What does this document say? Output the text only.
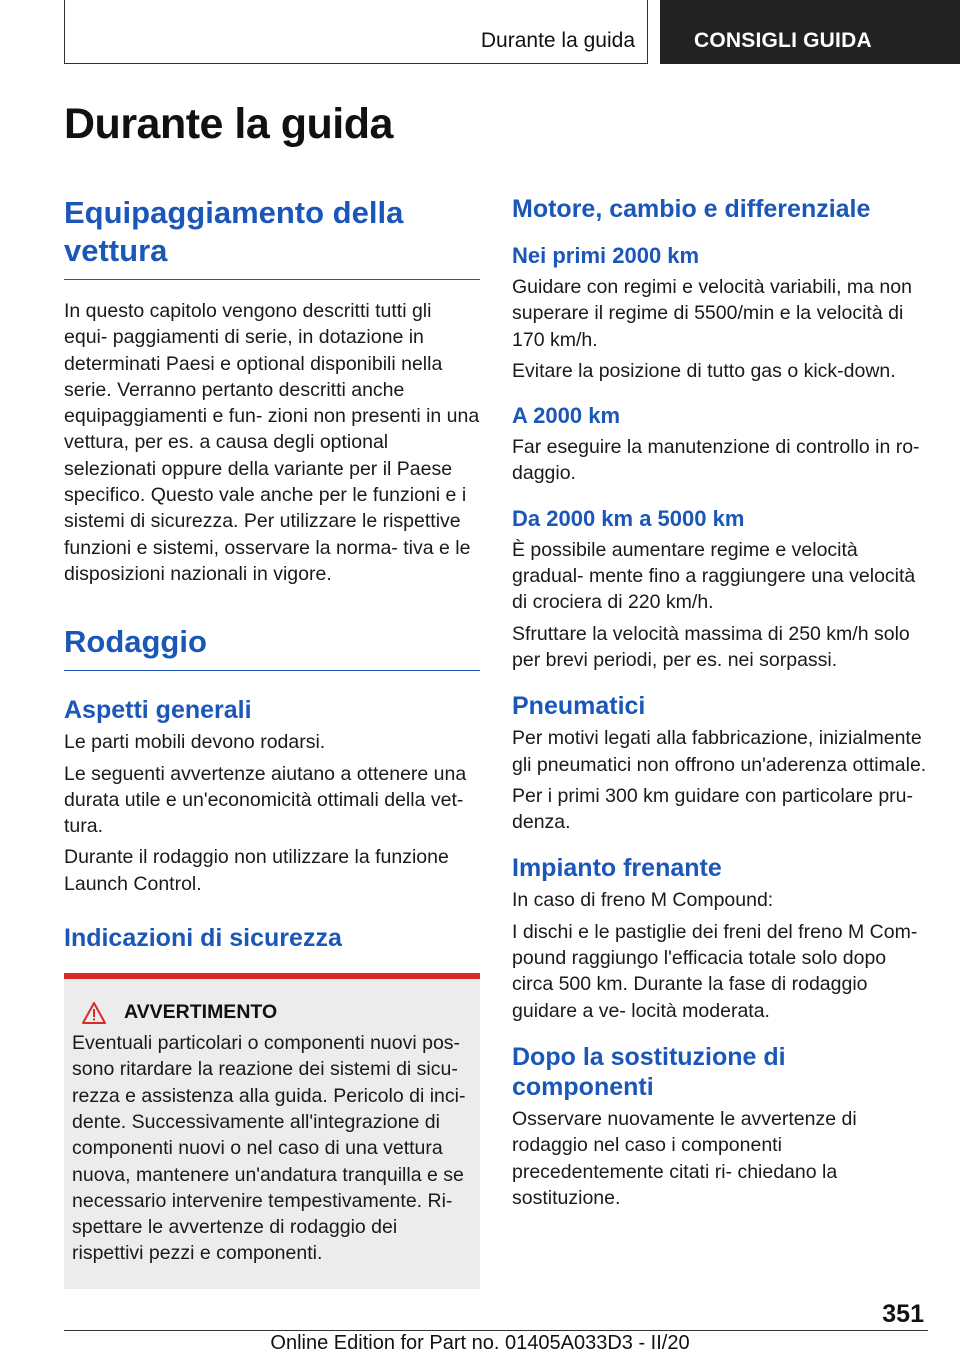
Durante la guida	CONSIGLI GUIDA
Durante la guida
Equipaggiamento della vettura

In questo capitolo vengono descritti tutti gli equi‐ paggiamenti di serie, in dotazione in determinati Paesi e optional disponibili nella serie. Verranno pertanto descritti anche equipaggiamenti e fun‐ zioni non presenti in una vettura, per es. a causa degli optional selezionati oppure della variante per il Paese specifico. Questo vale anche per le funzioni e i sistemi di sicurezza. Per utilizzare le rispettive funzioni e sistemi, osservare la norma‐ tiva e le disposizioni nazionali in vigore.

Rodaggio
Aspetti generali

Le parti mobili devono rodarsi.

Le seguenti avvertenze aiutano a ottenere una durata utile e un'economicità ottimali della vet‐ tura.

Durante il rodaggio non utilizzare la funzione Launch Control.

Indicazioni di sicurezza
AVVERTIMENTO

Eventuali particolari o componenti nuovi pos‐ sono ritardare la reazione dei sistemi di sicu‐ rezza e assistenza alla guida. Pericolo di inci‐ dente. Successivamente all'integrazione di componenti nuovi o nel caso di una vettura nuova, mantenere un'andatura tranquilla e se necessario intervenire tempestivamente. Ri‐ spettare le avvertenze di rodaggio dei rispettivi pezzi e componenti.

Motore, cambio e differenziale
Nei primi 2000 km

Guidare con regimi e velocità variabili, ma non superare il regime di 5500/min e la velocità di 170 km/h.

Evitare la posizione di tutto gas o kick-down.

A 2000 km

Far eseguire la manutenzione di controllo in ro‐ daggio.

Da 2000 km a 5000 km

È possibile aumentare regime e velocità gradual‐ mente fino a raggiungere una velocità di crociera di 220 km/h.

Sfruttare la velocità massima di 250 km/h solo per brevi periodi, per es. nei sorpassi.

Pneumatici

Per motivi legati alla fabbricazione, inizialmente gli pneumatici non offrono un'aderenza ottimale.

Per i primi 300 km guidare con particolare pru‐ denza.

Impianto frenante

In caso di freno M Compound:

I dischi e le pastiglie dei freni del freno M Com‐ pound raggiungo l'efficacia totale solo dopo circa 500 km. Durante la fase di rodaggio guidare a ve‐ locità moderata.

Dopo la sostituzione di componenti

Osservare nuovamente le avvertenze di rodaggio nel caso i componenti precedentemente citati ri‐ chiedano la sostituzione.

351
Online Edition for Part no. 01405A033D3 - II/20
